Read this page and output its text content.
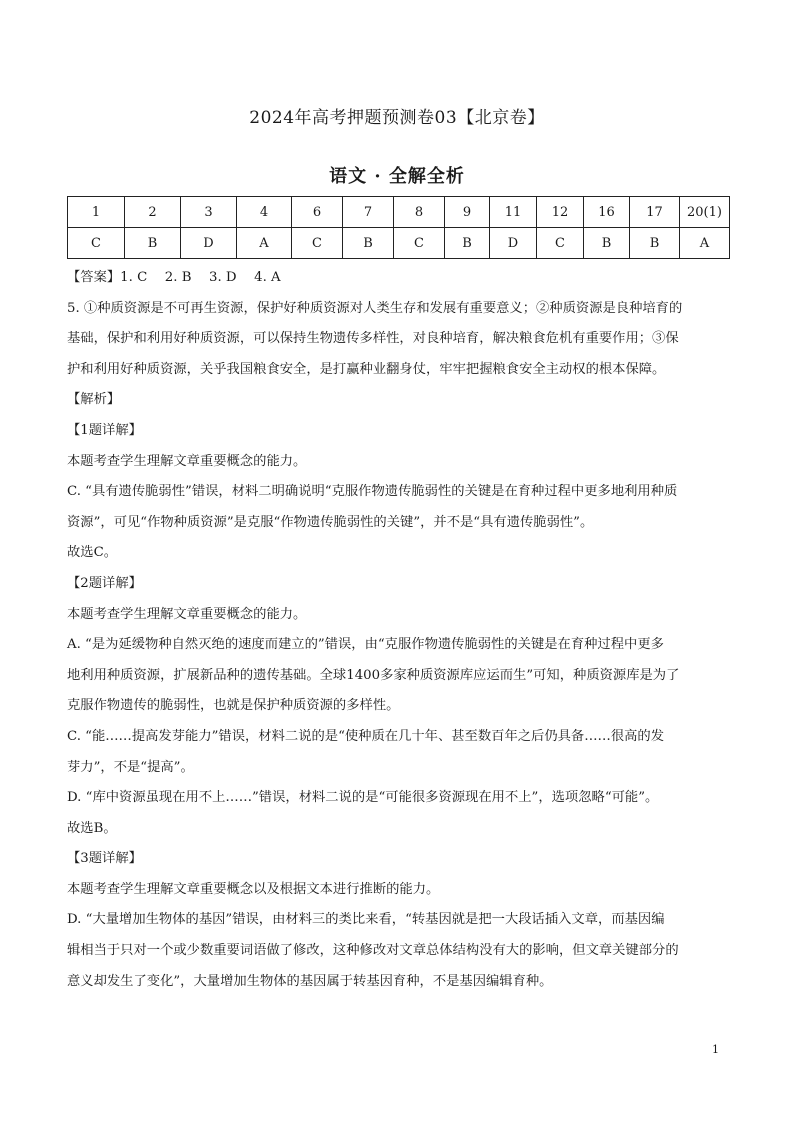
2024年高考押题预测卷03【北京卷】
语文 · 全解全析
1	2	3	4	6	7	8	9	11	12	16	17	20(1)
C	B	D	A	C	B	C	B	D	C	B	B	A

【答案】1. C　 2. B　 3. D　 4. A

5. ①种质资源是不可再生资源，保护好种质资源对人类生存和发展有重要意义；②种质资源是良种培育的

基础，保护和利用好种质资源，可以保持生物遗传多样性，对良种培育，解决粮食危机有重要作用；③保

护和利用好种质资源，关乎我国粮食安全，是打赢种业翻身仗，牢牢把握粮食安全主动权的根本保障。

【解析】

【1题详解】

本题考查学生理解文章重要概念的能力。

C. “具有遗传脆弱性”错误，材料二明确说明“克服作物遗传脆弱性的关键是在育种过程中更多地利用种质

资源”，可见“作物种质资源”是克服“作物遗传脆弱性的关键”，并不是“具有遗传脆弱性”。

故选C。

【2题详解】

本题考查学生理解文章重要概念的能力。

A. “是为延缓物种自然灭绝的速度而建立的”错误，由“克服作物遗传脆弱性的关键是在育种过程中更多

地利用种质资源，扩展新品种的遗传基础。全球1400多家种质资源库应运而生”可知，种质资源库是为了

克服作物遗传的脆弱性，也就是保护种质资源的多样性。

C. “能……提高发芽能力”错误，材料二说的是“使种质在几十年、甚至数百年之后仍具备……很高的发

芽力”，不是“提高”。

D. “库中资源虽现在用不上……”错误，材料二说的是“可能很多资源现在用不上”，选项忽略“可能”。

故选B。

【3题详解】

本题考查学生理解文章重要概念以及根据文本进行推断的能力。

D. “大量增加生物体的基因”错误，由材料三的类比来看，“转基因就是把一大段话插入文章，而基因编

辑相当于只对一个或少数重要词语做了修改，这种修改对文章总体结构没有大的影响，但文章关键部分的

意义却发生了变化”，大量增加生物体的基因属于转基因育种，不是基因编辑育种。

1
